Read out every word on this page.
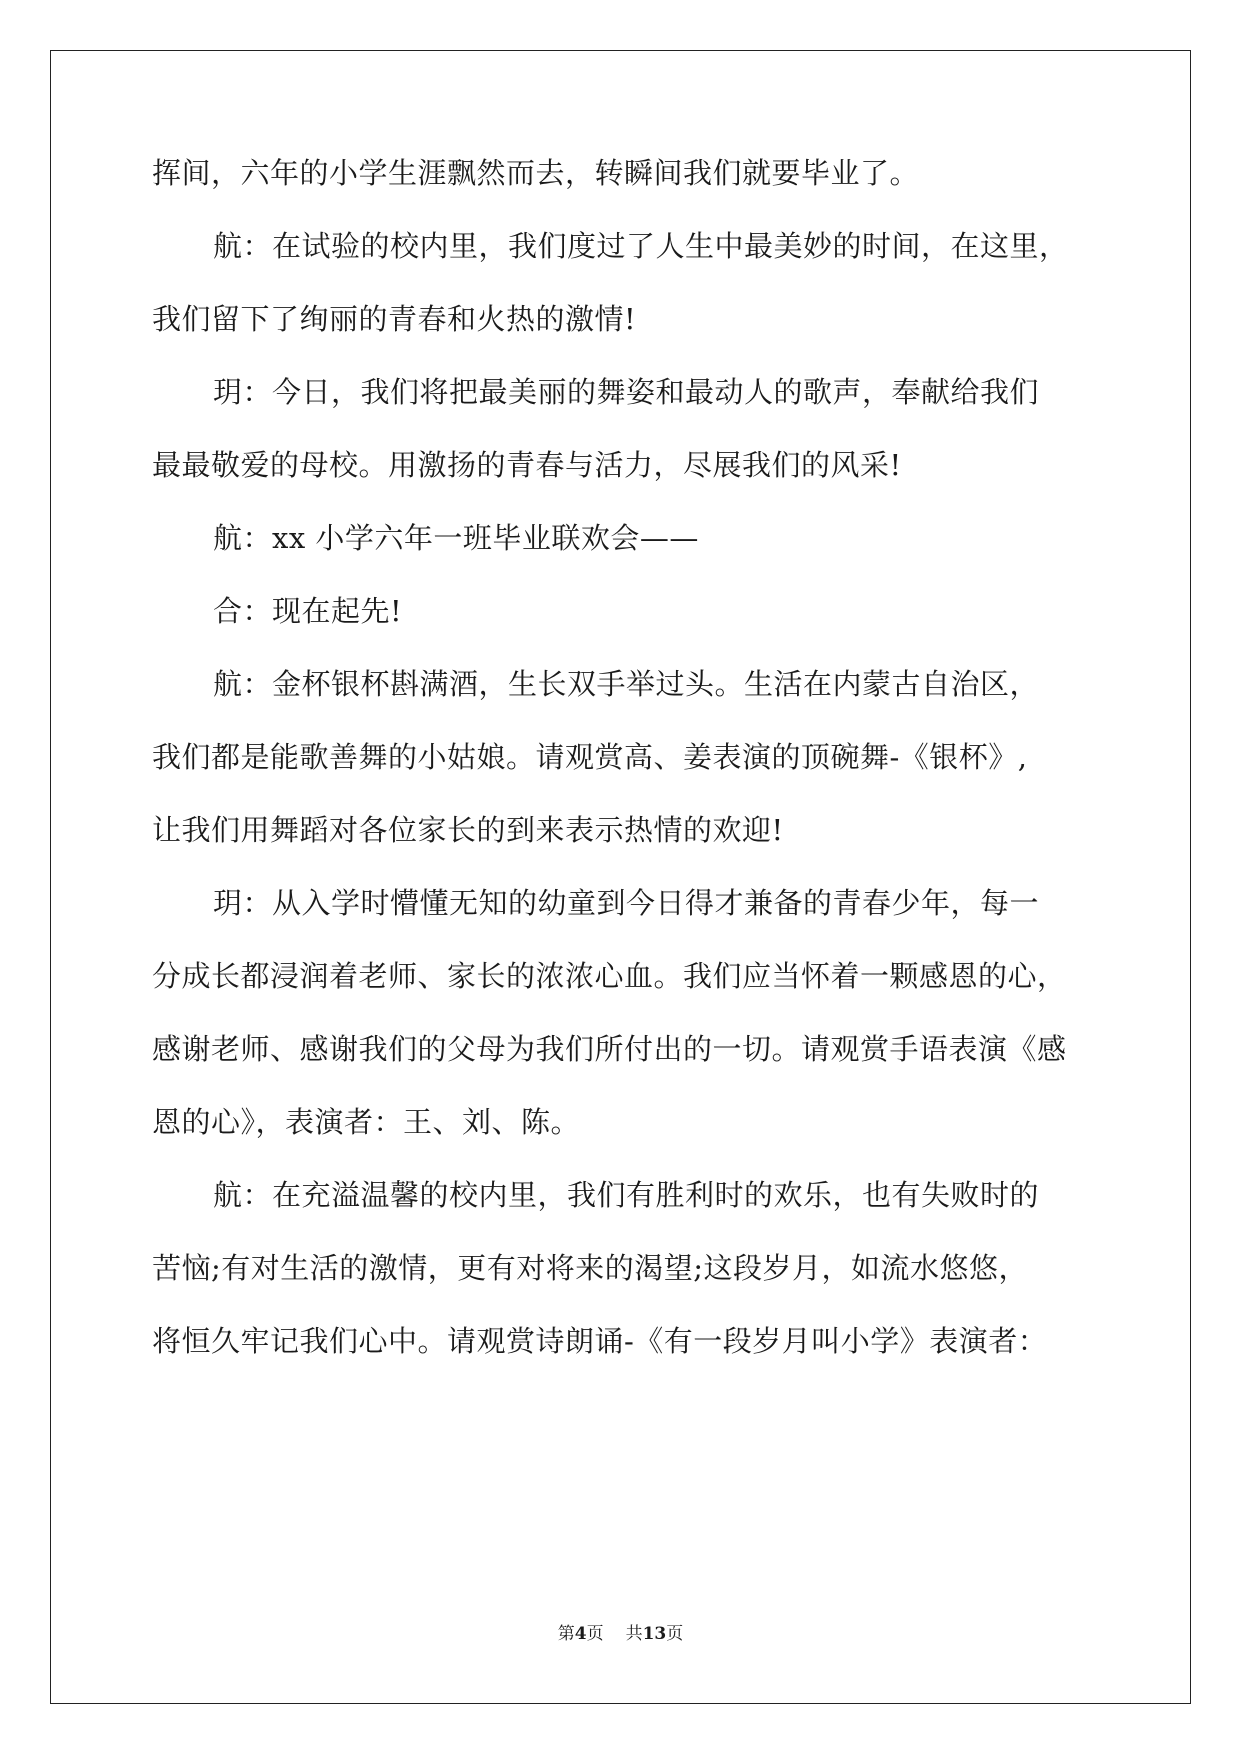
挥间，六年的小学生涯飘然而去，转瞬间我们就要毕业了。
航：在试验的校内里，我们度过了人生中最美妙的时间，在这里，
我们留下了绚丽的青春和火热的激情!
玥：今日，我们将把最美丽的舞姿和最动人的歌声，奉献给我们
最最敬爱的母校。用激扬的青春与活力，尽展我们的风采!
航：xx 小学六年一班毕业联欢会——
合：现在起先!
航：金杯银杯斟满酒，生长双手举过头。生活在内蒙古自治区，
我们都是能歌善舞的小姑娘。请观赏高、姜表演的顶碗舞-《银杯》,
让我们用舞蹈对各位家长的到来表示热情的欢迎!
玥：从入学时懵懂无知的幼童到今日得才兼备的青春少年，每一
分成长都浸润着老师、家长的浓浓心血。我们应当怀着一颗感恩的心，
感谢老师、感谢我们的父母为我们所付出的一切。请观赏手语表演《感
恩的心》，表演者：王、刘、陈。
航：在充溢温馨的校内里，我们有胜利时的欢乐，也有失败时的
苦恼;有对生活的激情，更有对将来的渴望;这段岁月，如流水悠悠，
将恒久牢记我们心中。请观赏诗朗诵-《有一段岁月叫小学》表演者：
第4页 共13页
